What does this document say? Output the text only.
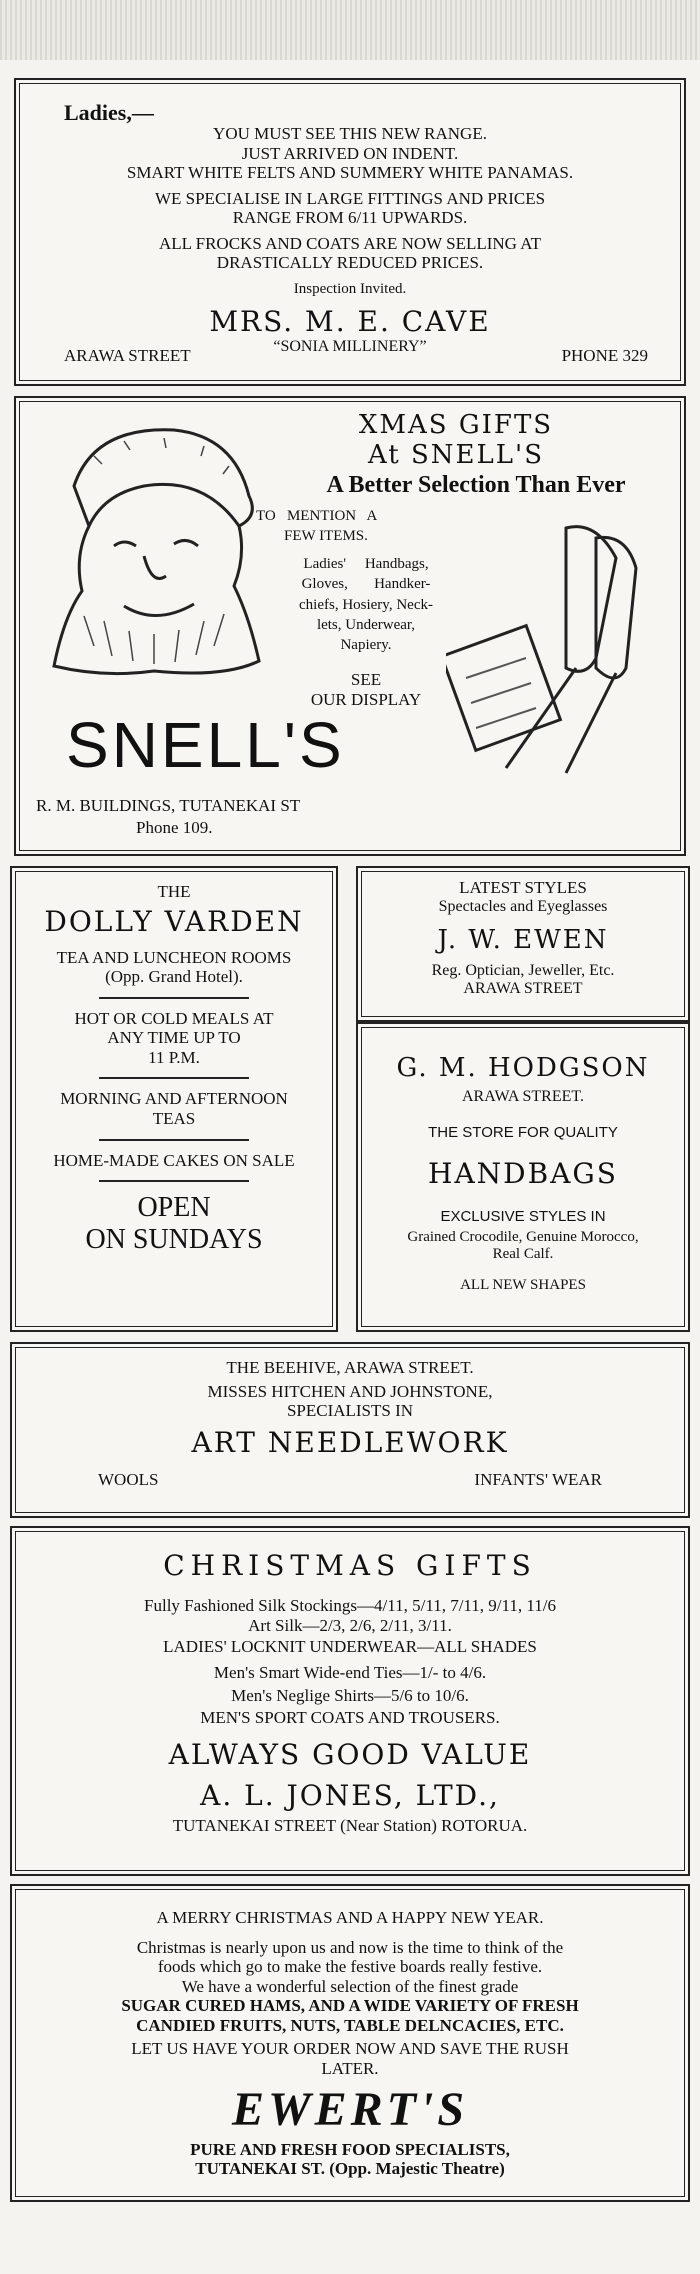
Ladies,—
YOU MUST SEE THIS NEW RANGE.
JUST ARRIVED ON INDENT.
SMART WHITE FELTS AND SUMMERY WHITE PANAMAS.
WE SPECIALISE IN LARGE FITTINGS AND PRICES
RANGE FROM 6/11 UPWARDS.
ALL FROCKS AND COATS ARE NOW SELLING AT
DRASTICALLY REDUCED PRICES.
Inspection Invited.
MRS. M. E. CAVE
“SONIA MILLINERY”
ARAWA STREET	PHONE 329
XMAS GIFTS
At SNELL'S
A Better Selection Than Ever
TO   MENTION   A
FEW ITEMS.
Ladies'     Handbags,
Gloves,       Handker-
chiefs, Hosiery, Neck-
lets, Underwear,
Napiery.
SEE
OUR DISPLAY
SNELL'S
R. M. BUILDINGS, TUTANEKAI ST
Phone 109.
THE
DOLLY VARDEN
TEA AND LUNCHEON ROOMS
(Opp. Grand Hotel).
HOT OR COLD MEALS AT
ANY TIME UP TO
11 P.M.
MORNING AND AFTERNOON
TEAS
HOME-MADE CAKES ON SALE
OPEN
ON SUNDAYS
LATEST STYLES
Spectacles and Eyeglasses
J. W. EWEN
Reg. Optician, Jeweller, Etc.
ARAWA STREET
G. M. HODGSON
ARAWA STREET.
THE STORE FOR QUALITY
HANDBAGS
EXCLUSIVE STYLES IN
Grained Crocodile, Genuine Morocco,
Real Calf.
ALL NEW SHAPES
THE BEEHIVE, ARAWA STREET.
MISSES HITCHEN AND JOHNSTONE,
SPECIALISTS IN
ART NEEDLEWORK
WOOLS	INFANTS' WEAR
CHRISTMAS GIFTS
Fully Fashioned Silk Stockings—4/11, 5/11, 7/11, 9/11, 11/6
Art Silk—2/3, 2/6, 2/11, 3/11.
LADIES' LOCKNIT UNDERWEAR—ALL SHADES
Men's Smart Wide-end Ties—1/- to 4/6.
Men's Neglige Shirts—5/6 to 10/6.
MEN'S SPORT COATS AND TROUSERS.
ALWAYS GOOD VALUE
A. L. JONES, LTD.,
TUTANEKAI STREET (Near Station) ROTORUA.
A MERRY CHRISTMAS AND A HAPPY NEW YEAR.
Christmas is nearly upon us and now is the time to think of the
foods which go to make the festive boards really festive.
We have a wonderful selection of the finest grade
SUGAR CURED HAMS, AND A WIDE VARIETY OF FRESH
CANDIED FRUITS, NUTS, TABLE DELNCACIES, ETC.
LET US HAVE YOUR ORDER NOW AND SAVE THE RUSH
LATER.
EWERT'S
PURE AND FRESH FOOD SPECIALISTS,
TUTANEKAI ST. (Opp. Majestic Theatre)
